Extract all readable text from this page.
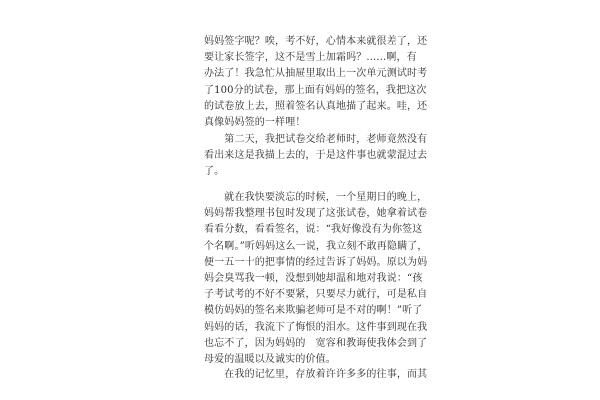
妈妈签字呢？唉，考不好，心情本来就很差了，还
要让家长签字，这不是雪上加霜吗？......啊，有
办法了！我急忙从抽屉里取出上一次单元测试时考
了100分的试卷，那上面有妈妈的签名，我把这次
的试卷放上去，照着签名认真地描了起来。哇，还
真像妈妈签的一样哩！
　　第二天，我把试卷交给老师时，老师竟然没有
看出来这是我描上去的，于是这件事也就蒙混过去
了。
　　就在我快要淡忘的时候，一个星期日的晚上，
妈妈帮我整理书包时发现了这张试卷，她拿着试卷
看看分数，看看签名，说：“我好像没有为你签这
个名啊。”听妈妈这么一说，我立刻不敢再隐瞒了，
便一五一十的把事情的经过告诉了妈妈。原以为妈
妈会臭骂我一顿，没想到她却温和地对我说：“孩
子考试考的不好不要紧，只要尽力就行，可是私自
模仿妈妈的签名来欺骗老师可是不对的啊！”听了
妈妈的话，我流下了悔恨的泪水。这件事到现在我
也忘不了，因为妈妈的　宽容和教诲使我体会到了
母爱的温暖以及诚实的价值。
　　在我的记忆里，存放着许许多多的往事，而其
